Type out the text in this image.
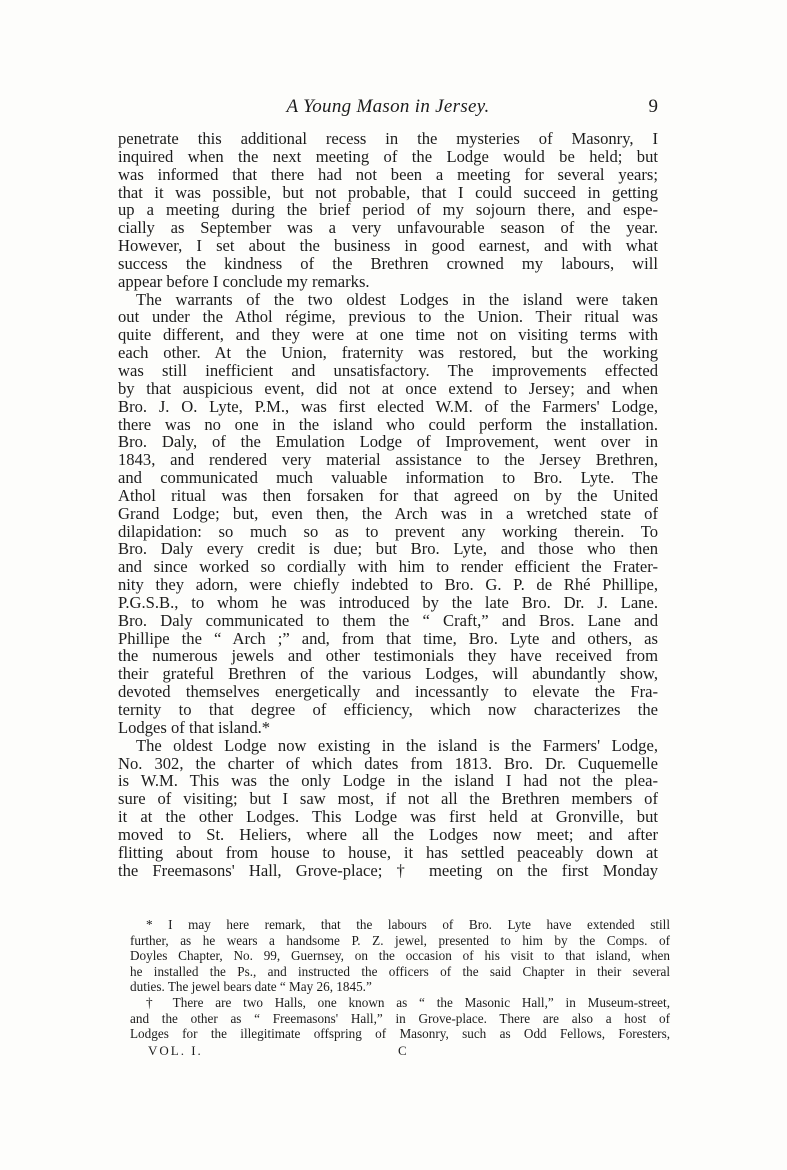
A Young Mason in Jersey.	9
penetrate this additional recess in the mysteries of Masonry, I
inquired when the next meeting of the Lodge would be held; but
was informed that there had not been a meeting for several years;
that it was possible, but not probable, that I could succeed in getting
up a meeting during the brief period of my sojourn there, and espe-
cially as September was a very unfavourable season of the year.
However, I set about the business in good earnest, and with what
success the kindness of the Brethren crowned my labours, will
appear before I conclude my remarks.
The warrants of the two oldest Lodges in the island were taken
out under the Athol régime, previous to the Union. Their ritual was
quite different, and they were at one time not on visiting terms with
each other. At the Union, fraternity was restored, but the working
was still inefficient and unsatisfactory. The improvements effected
by that auspicious event, did not at once extend to Jersey; and when
Bro. J. O. Lyte, P.M., was first elected W.M. of the Farmers' Lodge,
there was no one in the island who could perform the installation.
Bro. Daly, of the Emulation Lodge of Improvement, went over in
1843, and rendered very material assistance to the Jersey Brethren,
and communicated much valuable information to Bro. Lyte. The
Athol ritual was then forsaken for that agreed on by the United
Grand Lodge; but, even then, the Arch was in a wretched state of
dilapidation: so much so as to prevent any working therein. To
Bro. Daly every credit is due; but Bro. Lyte, and those who then
and since worked so cordially with him to render efficient the Frater-
nity they adorn, were chiefly indebted to Bro. G. P. de Rhé Phillipe,
P.G.S.B., to whom he was introduced by the late Bro. Dr. J. Lane.
Bro. Daly communicated to them the “ Craft,” and Bros. Lane and
Phillipe the “ Arch ;” and, from that time, Bro. Lyte and others, as
the numerous jewels and other testimonials they have received from
their grateful Brethren of the various Lodges, will abundantly show,
devoted themselves energetically and incessantly to elevate the Fra-
ternity to that degree of efficiency, which now characterizes the
Lodges of that island.*
The oldest Lodge now existing in the island is the Farmers' Lodge,
No. 302, the charter of which dates from 1813. Bro. Dr. Cuquemelle
is W.M. This was the only Lodge in the island I had not the plea-
sure of visiting; but I saw most, if not all the Brethren members of
it at the other Lodges. This Lodge was first held at Gronville, but
moved to St. Heliers, where all the Lodges now meet; and after
flitting about from house to house, it has settled peaceably down at
the Freemasons' Hall, Grove-place; † meeting on the first Monday
* I may here remark, that the labours of Bro. Lyte have extended still
further, as he wears a handsome P. Z. jewel, presented to him by the Comps. of
Doyles Chapter, No. 99, Guernsey, on the occasion of his visit to that island, when
he installed the Ps., and instructed the officers of the said Chapter in their several
duties. The jewel bears date “ May 26, 1845.”
† There are two Halls, one known as “ the Masonic Hall,” in Museum-street,
and the other as “ Freemasons' Hall,” in Grove-place. There are also a host of
Lodges for the illegitimate offspring of Masonry, such as Odd Fellows, Foresters,
VOL. I.	C
